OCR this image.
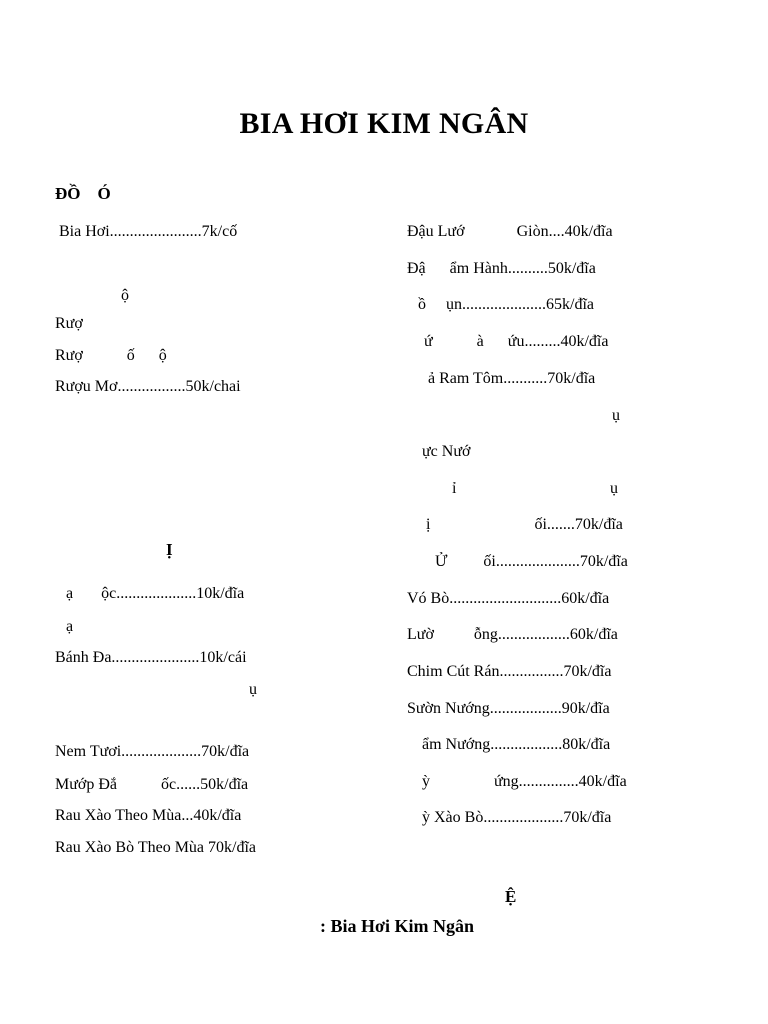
BIA HƠI KIM NGÂN
ĐỒ    Ó
Bia Hơi.......................7k/cố
ộ
Rượ
Rượ           ố      ộ
Rượu Mơ.................50k/chai
Ị
ạ       ộc....................10k/đĩa
ạ
Bánh Đa......................10k/cái
ụ
Nem Tươi....................70k/đĩa
Mướp Đắ           ốc......50k/đĩa
Rau Xào Theo Mùa...40k/đĩa
Rau Xào Bò Theo Mùa 70k/đĩa
Đậu Lướ             Giòn....40k/đĩa
Đậ      ẩm Hành..........50k/đĩa
ồ     ụn.....................65k/đĩa
ứ           à      ứu.........40k/đĩa
ả Ram Tôm...........70k/đĩa
ụ
ực Nướ
ỉ	ụ
ị                          ối.......70k/đĩa
Ử         ối.....................70k/đĩa
Vó Bò............................60k/đĩa
Lườ          ỗng..................60k/đĩa
Chim Cút Rán................70k/đĩa
Sườn Nướng..................90k/đĩa
ẩm Nướng..................80k/đĩa
ỳ                ứng...............40k/đĩa
ỳ Xào Bò....................70k/đĩa
Ệ
: Bia Hơi Kim Ngân
